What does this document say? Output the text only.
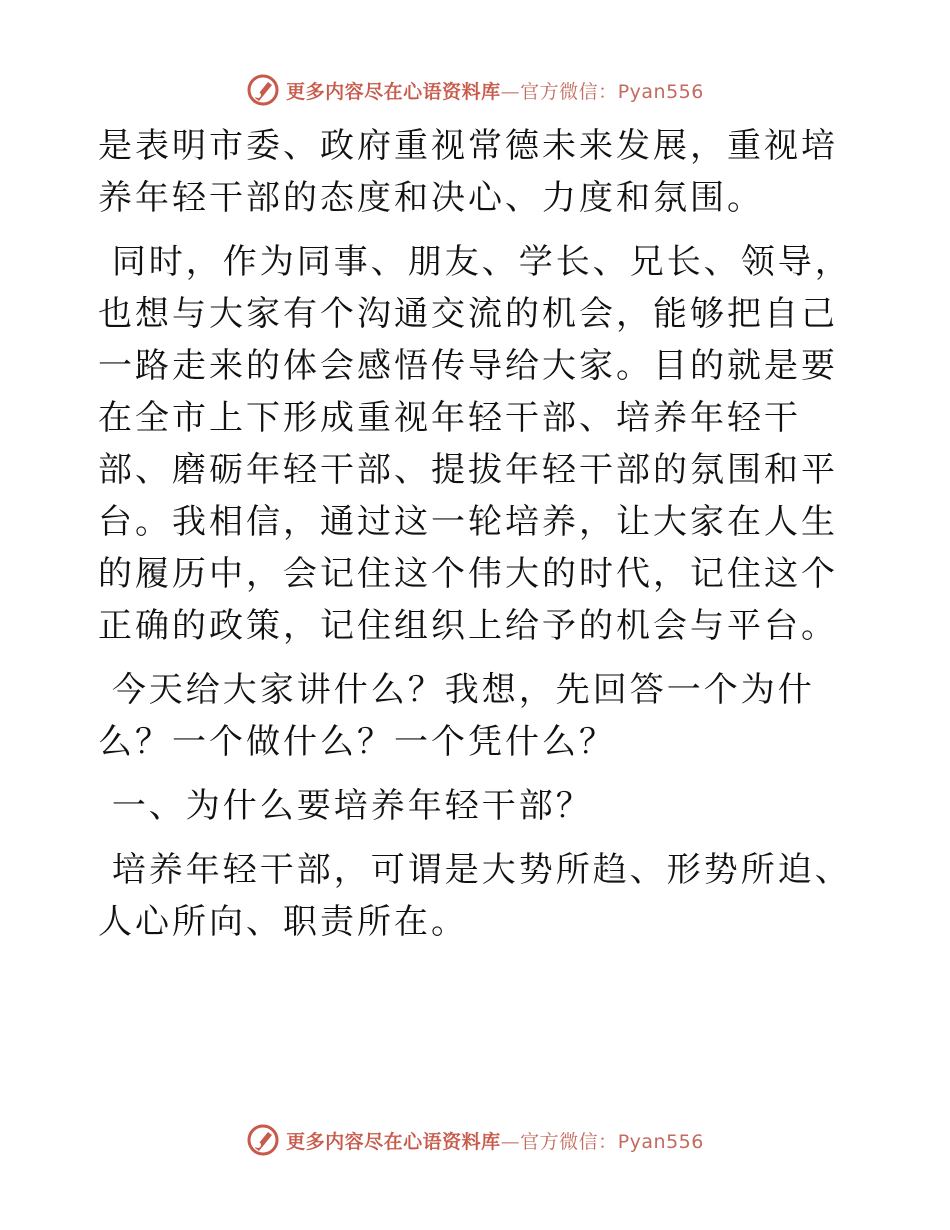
更多内容尽在心语资料库—官方微信：Pyan556

是表明市委、政府重视常德未来发展，重视培养年轻干部的态度和决心、力度和氛围。

同时，作为同事、朋友、学长、兄长、领导，也想与大家有个沟通交流的机会，能够把自己一路走来的体会感悟传导给大家。目的就是要在全市上下形成重视年轻干部、培养年轻干部、磨砺年轻干部、提拔年轻干部的氛围和平台。我相信，通过这一轮培养，让大家在人生的履历中，会记住这个伟大的时代，记住这个正确的政策，记住组织上给予的机会与平台。

今天给大家讲什么？我想，先回答一个为什么？一个做什么？一个凭什么？

一、为什么要培养年轻干部？

培养年轻干部，可谓是大势所趋、形势所迫、人心所向、职责所在。

更多内容尽在心语资料库—官方微信：Pyan556
